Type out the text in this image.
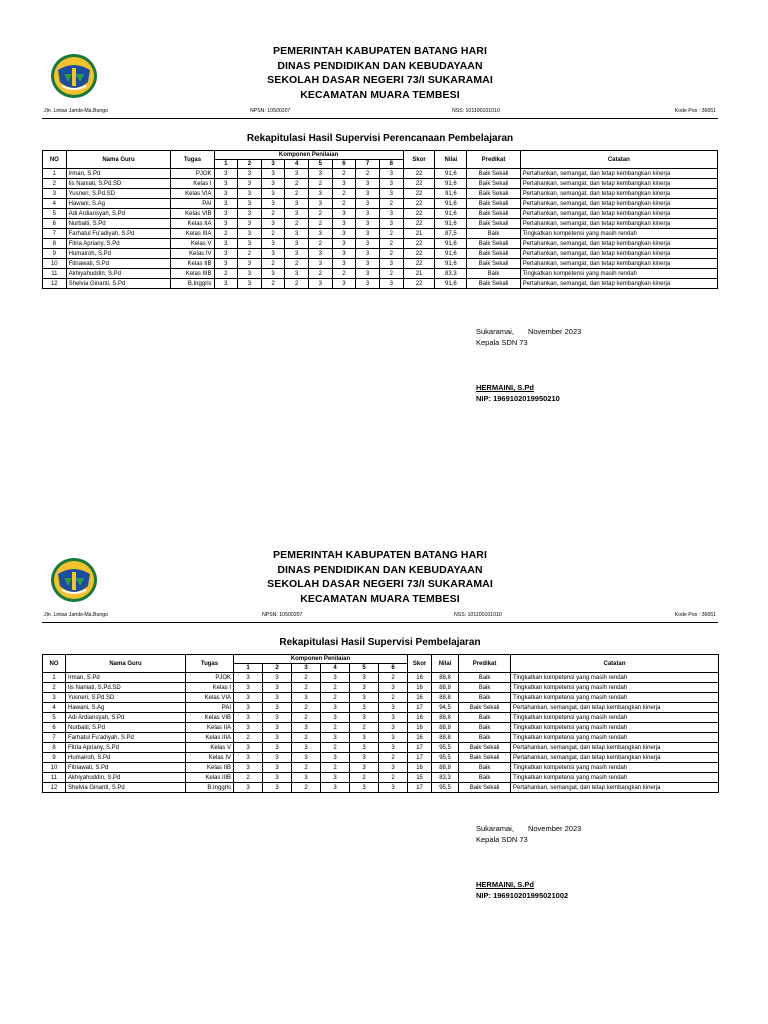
PEMERINTAH KABUPATEN BATANG HARI
DINAS PENDIDIKAN DAN KEBUDAYAAN
SEKOLAH DASAR NEGERI 73/I SUKARAMAI
KECAMATAN MUARA TEMBESI
Jln. Lintas Jambi-Ma.Bungo	NPSN: 10500207	NSS: 101100101010	Kode Pos : 36651
Rekapitulasi Hasil Supervisi Perencanaan Pembelajaran
NO	Nama Guru	Tugas	Komponen Penilaian								Skor	Nilai	Predikat	Catatan
			1	2	3	4	5	6	7	8				
1	Irman, S.Pd	PJOK	3	3	3	3	3	2	2	3	22	91,6	Baik Sekali	Pertahankan, semangat, dan tetap kembangkan kinerja
2	Iis Naniati, S.Pd.SD	Kelas I	3	3	3	2	2	3	3	3	22	91,6	Baik Sekali	Pertahankan, semangat, dan tetap kembangkan kinerja
3	Yusneri, S.Pd.SD	Kelas VIA	3	3	3	2	3	2	3	3	22	91,6	Baik Sekali	Pertahankan, semangat, dan tetap kembangkan kinerja
4	Hawani, S.Ag	PAI	3	3	3	3	3	2	3	2	22	91,6	Baik Sekali	Pertahankan, semangat, dan tetap kembangkan kinerja
5	Adi Ardiansyah, S.Pd	Kelas VIB	3	3	2	3	2	3	3	3	22	91,6	Baik Sekali	Pertahankan, semangat, dan tetap kembangkan kinerja
6	Nurbaiti, S.Pd	Kelas IIA	3	3	3	2	2	3	3	3	22	91,6	Baik Sekali	Pertahankan, semangat, dan tetap kembangkan kinerja
7	Farhatul Fu'adiyah, S.Pd	Kelas IIIA	2	3	2	3	3	3	3	2	21	87,5	Baik	Tingkatkan kompetensi yang masih rendah
8	Fitria Apriany, S.Pd	Kelas V	3	3	3	3	2	3	3	2	22	91,6	Baik Sekali	Pertahankan, semangat, dan tetap kembangkan kinerja
9	Humairoh, S.Pd	Kelas IV	3	2	3	3	3	3	3	2	22	91,6	Baik Sekali	Pertahankan, semangat, dan tetap kembangkan kinerja
10	Fitriawati, S.Pd	Kelas IIB	3	3	2	2	3	3	3	3	22	91,6	Baik Sekali	Pertahankan, semangat, dan tetap kembangkan kinerja
11	Akhiyahuddin, S.Pd	Kelas IIIB	2	3	3	3	2	2	3	2	21	83,3	Baik	Tingkatkan kompetensi yang masih rendah
12	Shelvia Ginanti, S.Pd	B.Inggris	3	3	2	2	3	3	3	3	22	91,6	Baik Sekali	Pertahankan, semangat, dan tetap kembangkan kinerja
Sukaramai, November 2023
Kepala SDN 73
HERMAINI, S.Pd
NIP: 1969102019950210
PEMERINTAH KABUPATEN BATANG HARI
DINAS PENDIDIKAN DAN KEBUDAYAAN
SEKOLAH DASAR NEGERI 73/I SUKARAMAI
KECAMATAN MUARA TEMBESI
Jln. Lintas Jambi-Ma.Bungo	NPSN: 10500207	NSS: 101100101010	Kode Pos : 36651
Rekapitulasi Hasil Supervisi Pembelajaran
NO	Nama Guru	Tugas	Komponen Penilaian						Skor	Nilai	Predikat	Catatan
			1	2	3	4	5	6				
1	Irman, S.Pd	PJOK	3	3	2	3	3	2	16	88,8	Baik	Tingkatkan kompetensi yang masih rendah
2	Iis Naniati, S.Pd.SD	Kelas I	3	3	2	2	3	3	16	88,8	Baik	Tingkatkan kompetensi yang masih rendah
3	Yusneri, S.Pd.SD	Kelas VIA	3	3	3	2	3	2	16	88,8	Baik	Tingkatkan kompetensi yang masih rendah
4	Hawani, S.Ag	PAI	3	3	2	3	3	3	17	94,5	Baik Sekali	Pertahankan, semangat, dan tetap kembangkan kinerja
5	Adi Ardiansyah, S.Pd	Kelas VIB	3	3	2	3	3	3	16	88,8	Baik	Tingkatkan kompetensi yang masih rendah
6	Nurbaiti, S.Pd	Kelas IIA	3	3	3	2	2	3	16	88,8	Baik	Tingkatkan kompetensi yang masih rendah
7	Farhatul Fu'adiyah, S.Pd	Kelas IIIA	2	3	2	3	3	3	16	88,8	Baik	Tingkatkan kompetensi yang masih rendah
8	Fitria Apriany, S.Pd	Kelas V	3	3	3	2	3	3	17	95,5	Baik Sekali	Pertahankan, semangat, dan tetap kembangkan kinerja
9	Humairoh, S.Pd	Kelas IV	3	3	3	3	3	2	17	95,5	Baik Sekali	Pertahankan, semangat, dan tetap kembangkan kinerja
10	Fitriawati, S.Pd	Kelas IIB	3	3	2	2	3	3	16	88,8	Baik	Tingkatkan kompetensi yang masih rendah
11	Akhiyahuddin, S.Pd	Kelas IIIB	2	3	3	3	2	2	15	83,3	Baik	Tingkatkan kompetensi yang masih rendah
12	Shelvia Ginanti, S.Pd	B.Inggris	3	3	2	3	3	3	17	95,5	Baik Sekali	Pertahankan, semangat, dan tetap kembangkan kinerja
Sukaramai, November 2023
Kepala SDN 73
HERMAINI, S.Pd
NIP: 196910201995021002
